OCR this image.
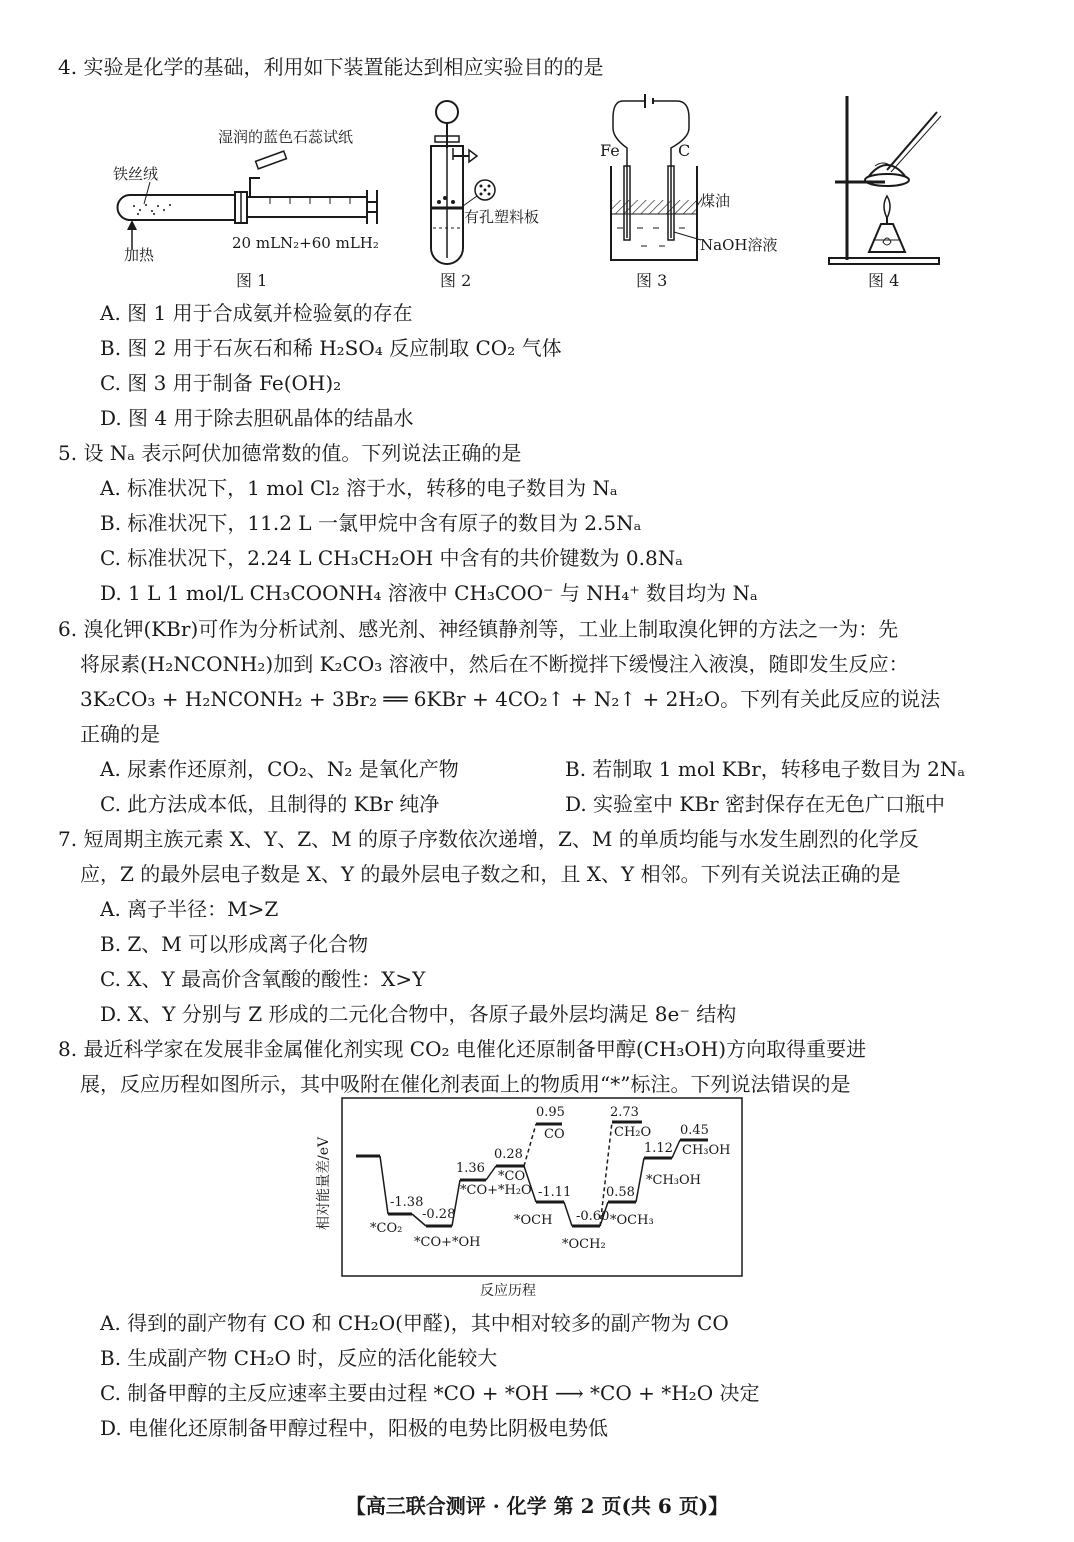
4. 实验是化学的基础，利用如下装置能达到相应实验目的的是
湿润的蓝色石蕊试纸
铁丝绒
20 mLN₂+60 mLH₂
加热
图 1
有孔塑料板
图 2
Fe	C
煤油
NaOH溶液
图 3	图 4
A. 图 1 用于合成氨并检验氨的存在
B. 图 2 用于石灰石和稀 H₂SO₄ 反应制取 CO₂ 气体
C. 图 3 用于制备 Fe(OH)₂
D. 图 4 用于除去胆矾晶体的结晶水
5. 设 Nₐ 表示阿伏加德常数的值。下列说法正确的是
A. 标准状况下，1 mol Cl₂ 溶于水，转移的电子数目为 Nₐ
B. 标准状况下，11.2 L 一氯甲烷中含有原子的数目为 2.5Nₐ
C. 标准状况下，2.24 L CH₃CH₂OH 中含有的共价键数为 0.8Nₐ
D. 1 L 1 mol/L CH₃COONH₄ 溶液中 CH₃COO⁻ 与 NH₄⁺ 数目均为 Nₐ
6. 溴化钾(KBr)可作为分析试剂、感光剂、神经镇静剂等，工业上制取溴化钾的方法之一为：先
将尿素(H₂NCONH₂)加到 K₂CO₃ 溶液中，然后在不断搅拌下缓慢注入液溴，随即发生反应：
3K₂CO₃ + H₂NCONH₂ + 3Br₂ ══ 6KBr + 4CO₂↑ + N₂↑ + 2H₂O。下列有关此反应的说法
正确的是
A. 尿素作还原剂，CO₂、N₂ 是氧化产物	B. 若制取 1 mol KBr，转移电子数目为 2Nₐ
C. 此方法成本低，且制得的 KBr 纯净	D. 实验室中 KBr 密封保存在无色广口瓶中
7. 短周期主族元素 X、Y、Z、M 的原子序数依次递增，Z、M 的单质均能与水发生剧烈的化学反
应，Z 的最外层电子数是 X、Y 的最外层电子数之和，且 X、Y 相邻。下列有关说法正确的是
A. 离子半径：M>Z
B. Z、M 可以形成离子化合物
C. X、Y 最高价含氧酸的酸性：X>Y
D. X、Y 分别与 Z 形成的二元化合物中，各原子最外层均满足 8e⁻ 结构
8. 最近科学家在发展非金属催化剂实现 CO₂ 电催化还原制备甲醇(CH₃OH)方向取得重要进
展，反应历程如图所示，其中吸附在催化剂表面上的物质用“*”标注。下列说法错误的是
相对能量差/eV
反应历程
-1.38
-0.28
1.36
0.28
0.95
-1.11
-0.60
2.73
0.58
1.12
0.45
*CO₂
*CO+*OH
*CO+*H₂O
*CO
CO
*OCH
*OCH₂
CH₂O
*OCH₃
*CH₃OH
CH₃OH
A. 得到的副产物有 CO 和 CH₂O(甲醛)，其中相对较多的副产物为 CO
B. 生成副产物 CH₂O 时，反应的活化能较大
C. 制备甲醇的主反应速率主要由过程 *CO + *OH ⟶ *CO + *H₂O 决定
D. 电催化还原制备甲醇过程中，阳极的电势比阴极电势低
【高三联合测评 · 化学 第 2 页(共 6 页)】
